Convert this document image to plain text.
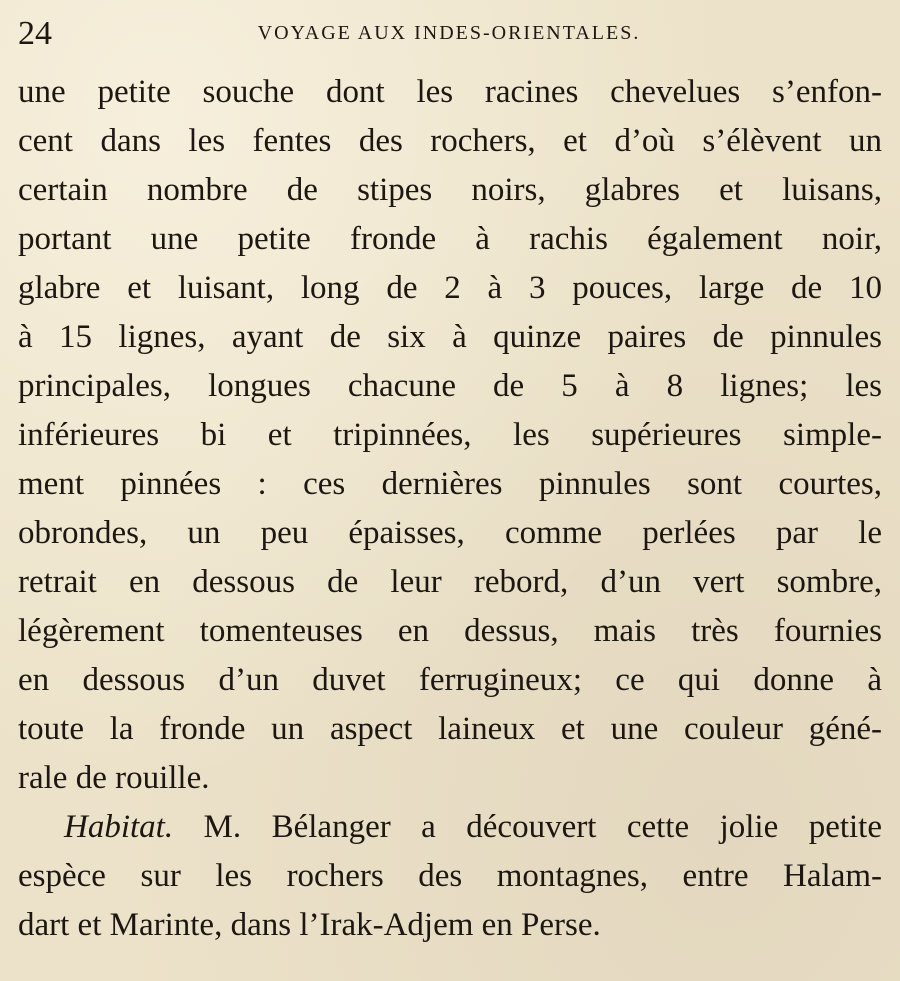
24	VOYAGE AUX INDES-ORIENTALES.
une petite souche dont les racines chevelues s’enfon-
cent dans les fentes des rochers, et d’où s’élèvent un
certain nombre de stipes noirs, glabres et luisans,
portant une petite fronde à rachis également noir,
glabre et luisant, long de 2 à 3 pouces, large de 10
à 15 lignes, ayant de six à quinze paires de pinnules
principales, longues chacune de 5 à 8 lignes; les
inférieures bi et tripinnées, les supérieures simple-
ment pinnées : ces dernières pinnules sont courtes,
obrondes, un peu épaisses, comme perlées par le
retrait en dessous de leur rebord, d’un vert sombre,
légèrement tomenteuses en dessus, mais très fournies
en dessous d’un duvet ferrugineux; ce qui donne à
toute la fronde un aspect laineux et une couleur géné-
rale de rouille.
Habitat. M. Bélanger a découvert cette jolie petite
espèce sur les rochers des montagnes, entre Halam-
dart et Marinte, dans l’Irak-Adjem en Perse.
